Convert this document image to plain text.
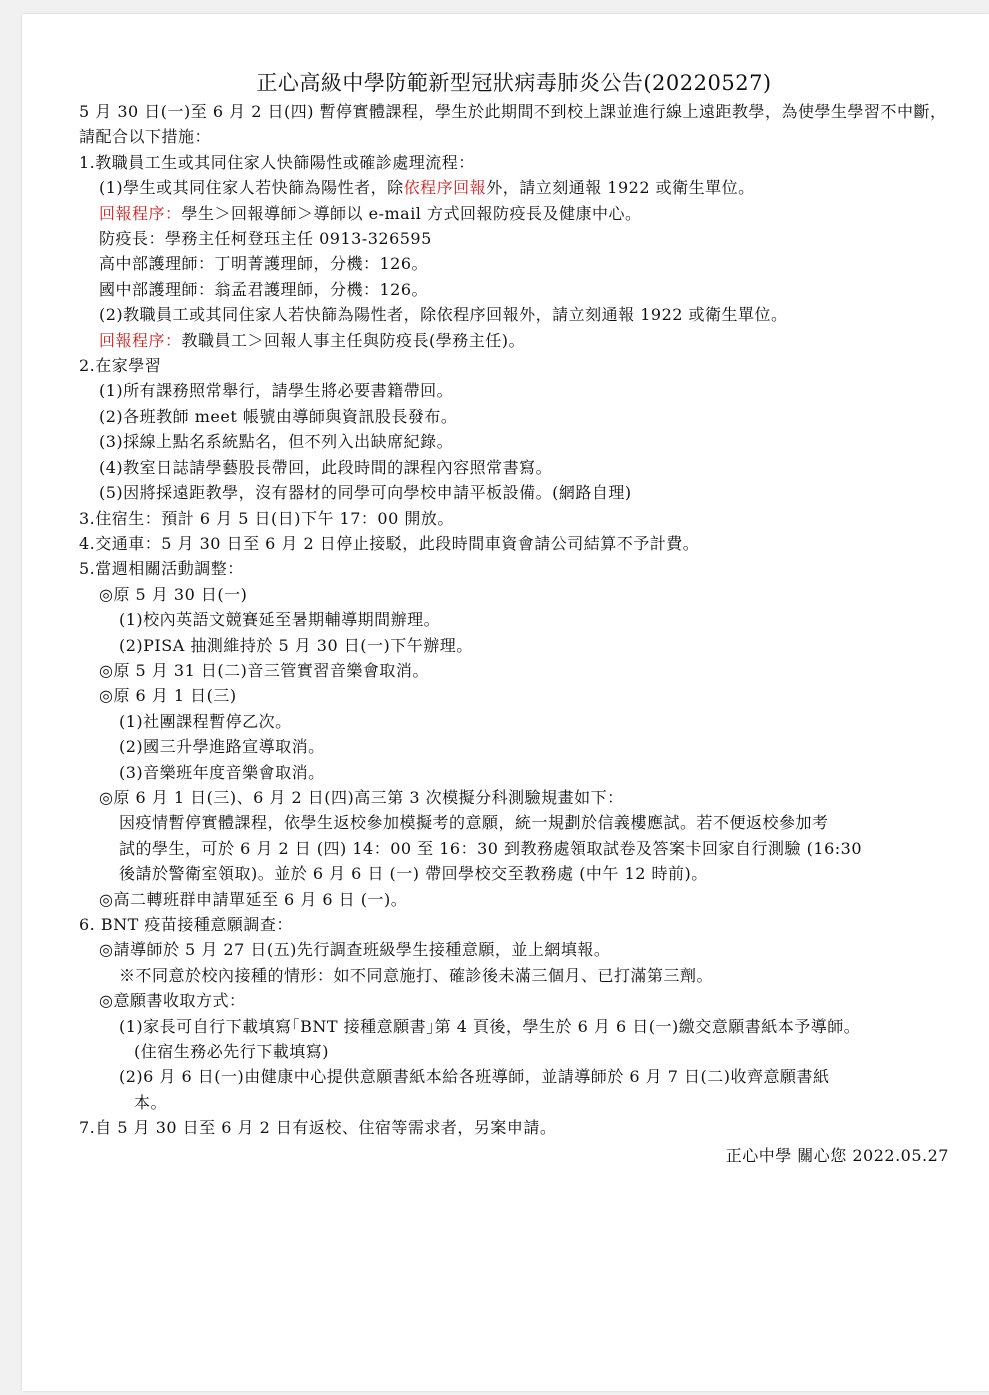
正心高級中學防範新型冠狀病毒肺炎公告(20220527)
5 月 30 日(一)至 6 月 2 日(四) 暫停實體課程，學生於此期間不到校上課並進行線上遠距教學，為使學生學習不中斷，請配合以下措施：
1.教職員工生或其同住家人快篩陽性或確診處理流程：
(1)學生或其同住家人若快篩為陽性者，除依程序回報外，請立刻通報 1922 或衛生單位。
回報程序：學生＞回報導師＞導師以 e-mail 方式回報防疫長及健康中心。
防疫長：學務主任柯登珏主任 0913-326595
高中部護理師：丁明菁護理師，分機：126。
國中部護理師：翁孟君護理師，分機：126。
(2)教職員工或其同住家人若快篩為陽性者，除依程序回報外，請立刻通報 1922 或衛生單位。
回報程序：教職員工＞回報人事主任與防疫長(學務主任)。
2.在家學習
(1)所有課務照常舉行，請學生將必要書籍帶回。
(2)各班教師 meet 帳號由導師與資訊股長發布。
(3)採線上點名系統點名，但不列入出缺席紀錄。
(4)教室日誌請學藝股長帶回，此段時間的課程內容照常書寫。
(5)因將採遠距教學，沒有器材的同學可向學校申請平板設備。(網路自理)
3.住宿生：預計 6 月 5 日(日)下午 17：00 開放。
4.交通車：5 月 30 日至 6 月 2 日停止接駁，此段時間車資會請公司結算不予計費。
5.當週相關活動調整：
◎原 5 月 30 日(一)
(1)校內英語文競賽延至暑期輔導期間辦理。
(2)PISA 抽測維持於 5 月 30 日(一)下午辦理。
◎原 5 月 31 日(二)音三管實習音樂會取消。
◎原 6 月 1 日(三)
(1)社團課程暫停乙次。
(2)國三升學進路宣導取消。
(3)音樂班年度音樂會取消。
◎原 6 月 1 日(三)、6 月 2 日(四)高三第 3 次模擬分科測驗規畫如下：
因疫情暫停實體課程，依學生返校參加模擬考的意願，統一規劃於信義樓應試。若不便返校參加考
試的學生，可於 6 月 2 日 (四) 14：00 至 16：30 到教務處領取試卷及答案卡回家自行測驗 (16:30
後請於警衛室領取)。並於 6 月 6 日 (一) 帶回學校交至教務處 (中午 12 時前)。
◎高二轉班群申請單延至 6 月 6 日 (一)。
6. BNT 疫苗接種意願調查：
◎請導師於 5 月 27 日(五)先行調查班級學生接種意願，並上網填報。
※不同意於校內接種的情形：如不同意施打、確診後未滿三個月、已打滿第三劑。
◎意願書收取方式：
(1)家長可自行下載填寫｢BNT 接種意願書｣第 4 頁後，學生於 6 月 6 日(一)繳交意願書紙本予導師。
(住宿生務必先行下載填寫)
(2)6 月 6 日(一)由健康中心提供意願書紙本給各班導師，並請導師於 6 月 7 日(二)收齊意願書紙
本。
7.自 5 月 30 日至 6 月 2 日有返校、住宿等需求者，另案申請。
正心中學 關心您 2022.05.27
